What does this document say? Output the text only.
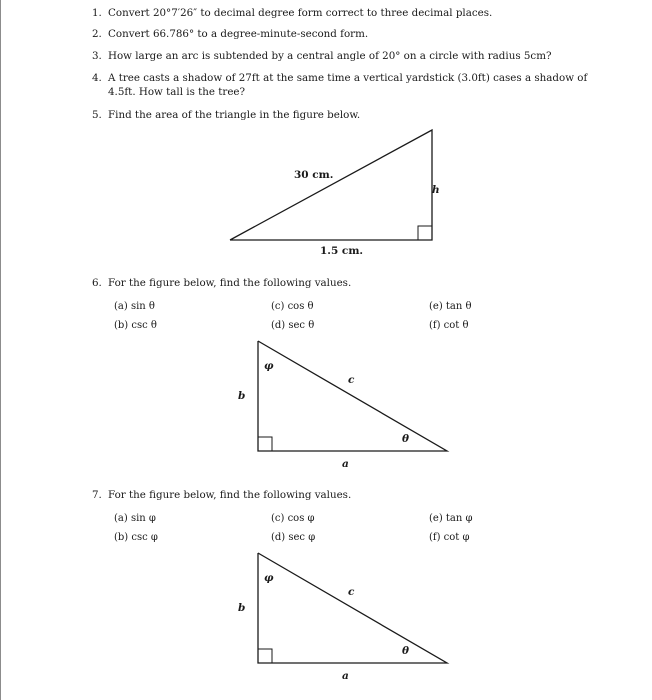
1. Convert 20°7′26″ to decimal degree form correct to three decimal places.
2. Convert 66.786° to a degree-minute-second form.
3. How large an arc is subtended by a central angle of 20° on a circle with radius 5cm?
4. A tree casts a shadow of 27ft at the same time a vertical yardstick (3.0ft) cases a shadow of
4.5ft. How tall is the tree?
5. Find the area of the triangle in the figure below.
30 cm.
h
1.5 cm.
6. For the figure below, find the following values.
(a) sin θ	(c) cos θ	(e) tan θ
(b) csc θ	(d) sec θ	(f) cot θ
φ
c
b
θ
a
7. For the figure below, find the following values.
(a) sin φ	(c) cos φ	(e) tan φ
(b) csc φ	(d) sec φ	(f) cot φ
φ
c
b
θ
a
